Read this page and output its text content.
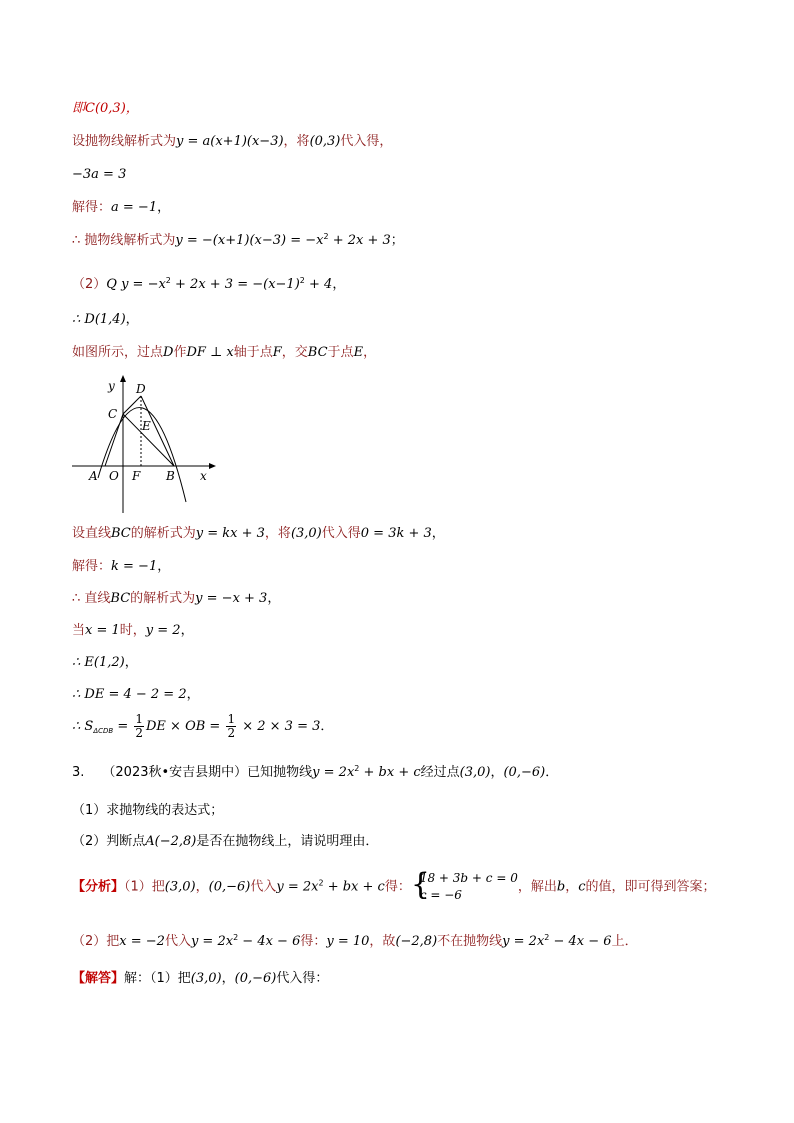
即C(0,3)，
设抛物线解析式为y = a(x+1)(x−3)，将(0,3)代入得，
−3a = 3
解得：a = −1，
∴ 抛物线解析式为$y = -(x+1)(x-3) = -x^2 + 2x + 3$；
（2）Q $y = -x^2 + 2x + 3 = -(x-1)^2 + 4$，
∴ D(1,4)，
如图所示，过点D作DF ⊥ x轴于点F，交BC于点E，
y D
C
E
A O F B x
设直线BC的解析式为y = kx + 3，将(3,0)代入得0 = 3k + 3，
解得：k = −1，
∴ 直线BC的解析式为y = −x + 3，
当x = 1时，y = 2，
∴ E(1,2)，
∴ DE = 4 − 2 = 2，
∴ $S_{\Delta CDB} = \frac{1}{2}$ DE × OB = $\frac{1}{2} \times 2 \times 3 = 3$．
3. （2023秋•安吉县期中）已知抛物线$y = 2x^2$ + bx + c经过点(3,0)，(0,−6)．
（1）求抛物线的表达式；
（2）判断点A(−2,8)是否在抛物线上，请说明理由．
【分析】（1）把(3,0)，(0,−6)代入$y = 2x^2$ + bx + c得： {
18 + 3b + c = 0
c = −6
，解出b，c的值，即可得到答案；
（2）把x = −2代入$y = 2x^2 - 4x - 6$得：y = 10，故(−2,8)不在抛物线$y = 2x^2 - 4x - 6$上．
【解答】解：（1）把(3,0)，(0,−6)代入得：
